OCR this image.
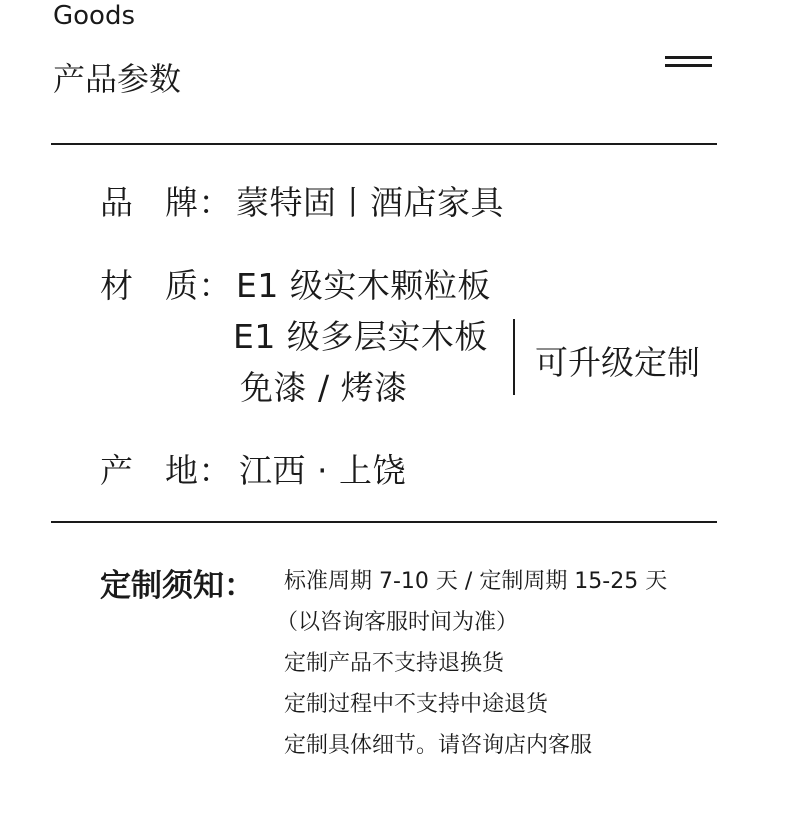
Goods
产品参数
品 牌： 蒙特固丨酒店家具
材 质： E1 级实木颗粒板
E1 级多层实木板
免漆 / 烤漆
可升级定制
产 地： 江西 · 上饶
定制须知： 标准周期 7-10 天 / 定制周期 15-25 天
（以咨询客服时间为准）
定制产品不支持退换货
定制过程中不支持中途退货
定制具体细节。请咨询店内客服
